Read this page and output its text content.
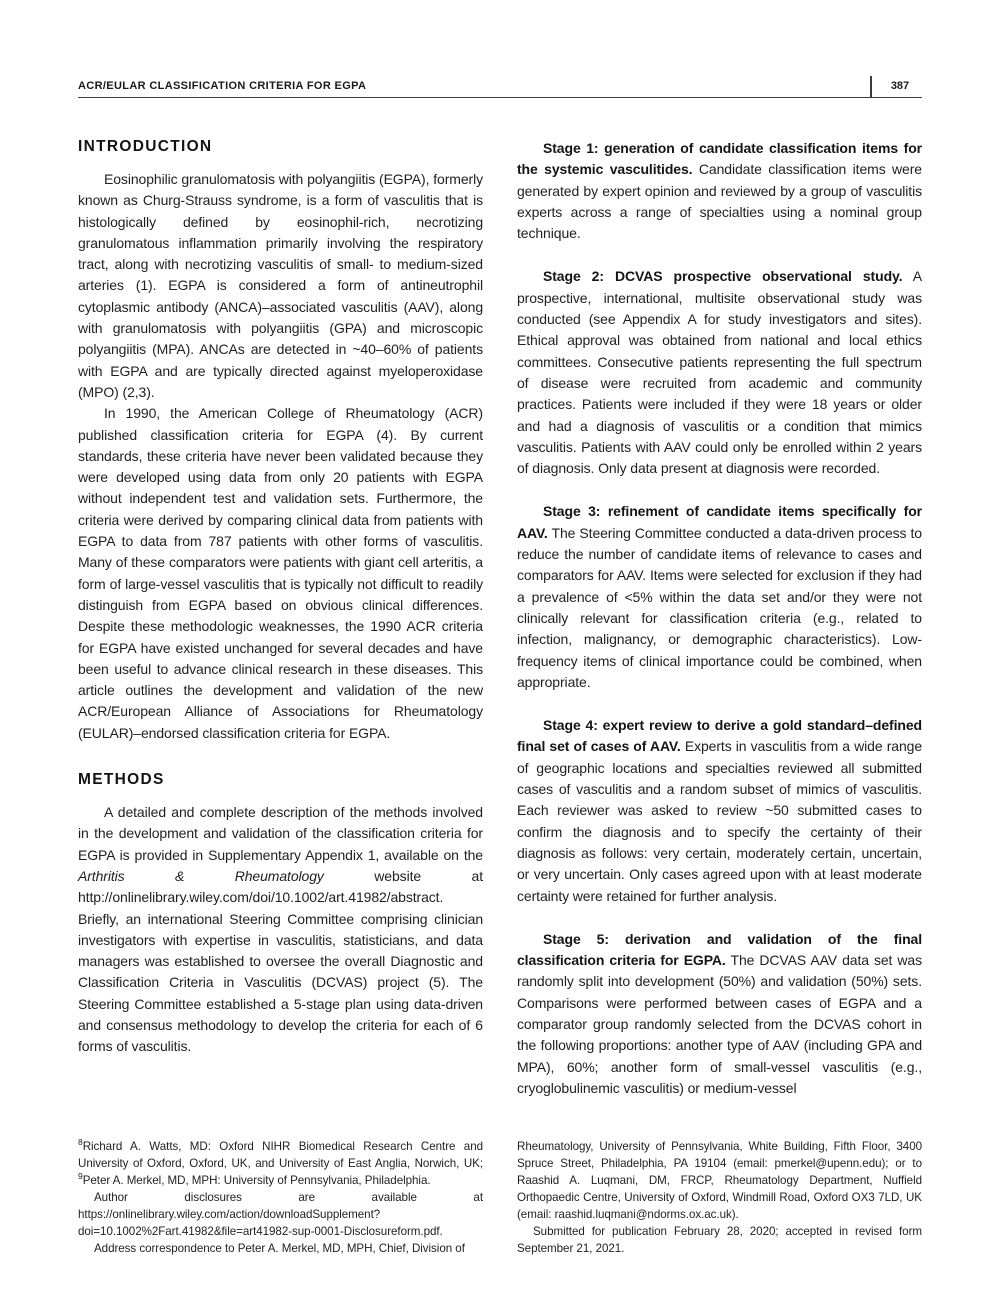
ACR/EULAR CLASSIFICATION CRITERIA FOR EGPA	387
INTRODUCTION

Eosinophilic granulomatosis with polyangiitis (EGPA), formerly known as Churg-Strauss syndrome, is a form of vasculitis that is histologically defined by eosinophil-rich, necrotizing granulomatous inflammation primarily involving the respiratory tract, along with necrotizing vasculitis of small- to medium-sized arteries (1). EGPA is considered a form of antineutrophil cytoplasmic antibody (ANCA)–associated vasculitis (AAV), along with granulomatosis with polyangiitis (GPA) and microscopic polyangiitis (MPA). ANCAs are detected in ~40–60% of patients with EGPA and are typically directed against myeloperoxidase (MPO) (2,3).

In 1990, the American College of Rheumatology (ACR) published classification criteria for EGPA (4). By current standards, these criteria have never been validated because they were developed using data from only 20 patients with EGPA without independent test and validation sets. Furthermore, the criteria were derived by comparing clinical data from patients with EGPA to data from 787 patients with other forms of vasculitis. Many of these comparators were patients with giant cell arteritis, a form of large-vessel vasculitis that is typically not difficult to readily distinguish from EGPA based on obvious clinical differences. Despite these methodologic weaknesses, the 1990 ACR criteria for EGPA have existed unchanged for several decades and have been useful to advance clinical research in these diseases. This article outlines the development and validation of the new ACR/European Alliance of Associations for Rheumatology (EULAR)–endorsed classification criteria for EGPA.

METHODS

A detailed and complete description of the methods involved in the development and validation of the classification criteria for EGPA is provided in Supplementary Appendix 1, available on the Arthritis & Rheumatology website at http://onlinelibrary.wiley.com/doi/10.1002/art.41982/abstract. Briefly, an international Steering Committee comprising clinician investigators with expertise in vasculitis, statisticians, and data managers was established to oversee the overall Diagnostic and Classification Criteria in Vasculitis (DCVAS) project (5). The Steering Committee established a 5-stage plan using data-driven and consensus methodology to develop the criteria for each of 6 forms of vasculitis.

Stage 1: generation of candidate classification items for the systemic vasculitides. Candidate classification items were generated by expert opinion and reviewed by a group of vasculitis experts across a range of specialties using a nominal group technique.

Stage 2: DCVAS prospective observational study. A prospective, international, multisite observational study was conducted (see Appendix A for study investigators and sites). Ethical approval was obtained from national and local ethics committees. Consecutive patients representing the full spectrum of disease were recruited from academic and community practices. Patients were included if they were 18 years or older and had a diagnosis of vasculitis or a condition that mimics vasculitis. Patients with AAV could only be enrolled within 2 years of diagnosis. Only data present at diagnosis were recorded.

Stage 3: refinement of candidate items specifically for AAV. The Steering Committee conducted a data-driven process to reduce the number of candidate items of relevance to cases and comparators for AAV. Items were selected for exclusion if they had a prevalence of <5% within the data set and/or they were not clinically relevant for classification criteria (e.g., related to infection, malignancy, or demographic characteristics). Low-frequency items of clinical importance could be combined, when appropriate.

Stage 4: expert review to derive a gold standard–defined final set of cases of AAV. Experts in vasculitis from a wide range of geographic locations and specialties reviewed all submitted cases of vasculitis and a random subset of mimics of vasculitis. Each reviewer was asked to review ~50 submitted cases to confirm the diagnosis and to specify the certainty of their diagnosis as follows: very certain, moderately certain, uncertain, or very uncertain. Only cases agreed upon with at least moderate certainty were retained for further analysis.

Stage 5: derivation and validation of the final classification criteria for EGPA. The DCVAS AAV data set was randomly split into development (50%) and validation (50%) sets. Comparisons were performed between cases of EGPA and a comparator group randomly selected from the DCVAS cohort in the following proportions: another type of AAV (including GPA and MPA), 60%; another form of small-vessel vasculitis (e.g., cryoglobulinemic vasculitis) or medium-vessel

$^8$Richard A. Watts, MD: Oxford NIHR Biomedical Research Centre and University of Oxford, Oxford, UK, and University of East Anglia, Norwich, UK; $^9$Peter A. Merkel, MD, MPH: University of Pennsylvania, Philadelphia.

Author disclosures are available at https://onlinelibrary.wiley.com/action/downloadSupplement?doi=10.1002%2Fart.41982&file=art41982-sup-0001-Disclosureform.pdf.

Address correspondence to Peter A. Merkel, MD, MPH, Chief, Division of

Rheumatology, University of Pennsylvania, White Building, Fifth Floor, 3400 Spruce Street, Philadelphia, PA 19104 (email: pmerkel@upenn.edu); or to Raashid A. Luqmani, DM, FRCP, Rheumatology Department, Nuffield Orthopaedic Centre, University of Oxford, Windmill Road, Oxford OX3 7LD, UK (email: raashid.luqmani@ndorms.ox.ac.uk).

Submitted for publication February 28, 2020; accepted in revised form September 21, 2021.
